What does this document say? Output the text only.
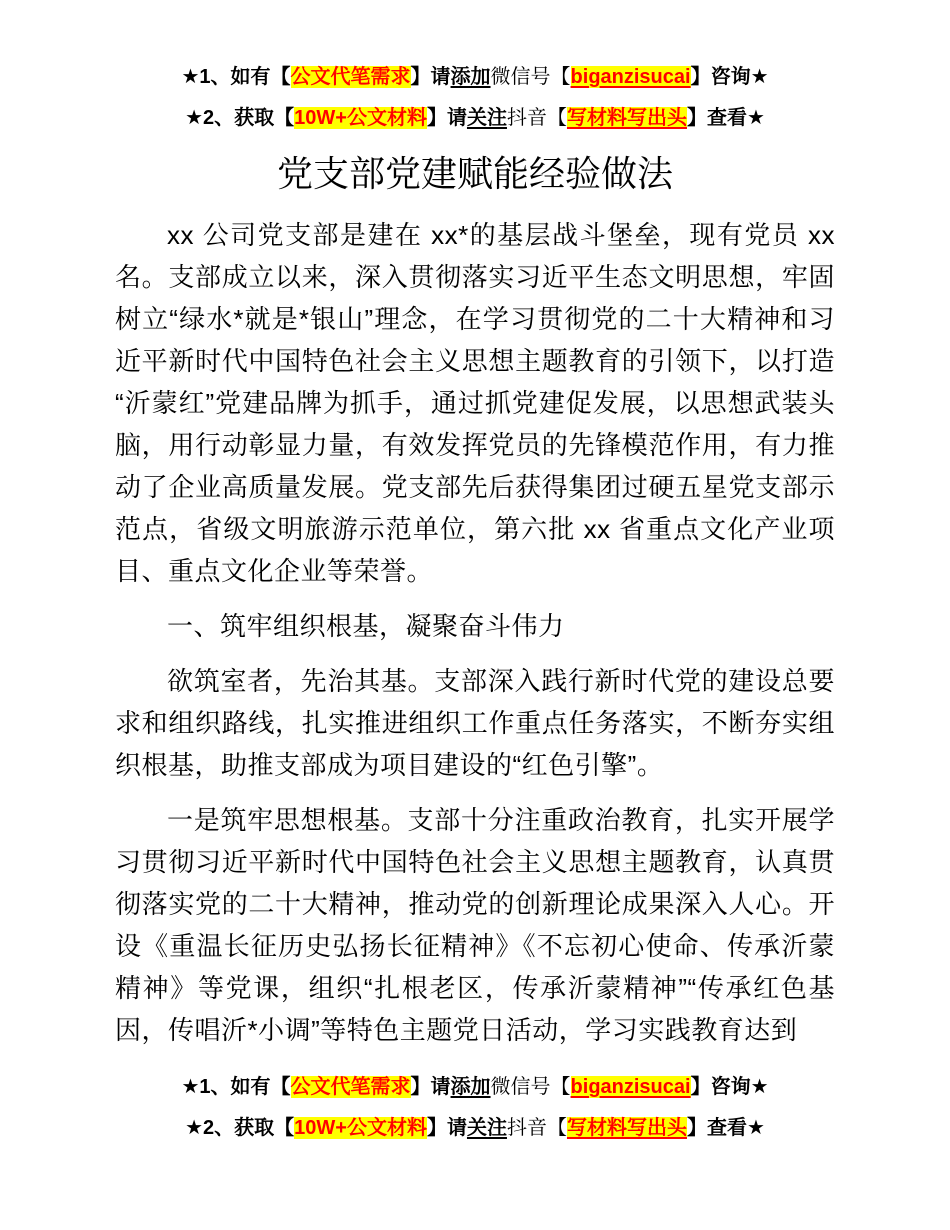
★1、如有【公文代笔需求】请添加微信号【biganzisucai】咨询★

★2、获取【10W+公文材料】请关注抖音【写材料写出头】查看★

党支部党建赋能经验做法

xx 公司党支部是建在 xx*的基层战斗堡垒，现有党员 xx 名。支部成立以来，深入贯彻落实习近平生态文明思想，牢固树立“绿水*就是*银山”理念，在学习贯彻党的二十大精神和习近平新时代中国特色社会主义思想主题教育的引领下，以打造“沂蒙红”党建品牌为抓手，通过抓党建促发展，以思想武装头脑，用行动彰显力量，有效发挥党员的先锋模范作用，有力推动了企业高质量发展。党支部先后获得集团过硬五星党支部示范点，省级文明旅游示范单位，第六批 xx 省重点文化产业项目、重点文化企业等荣誉。

一、筑牢组织根基，凝聚奋斗伟力

欲筑室者，先治其基。支部深入践行新时代党的建设总要求和组织路线，扎实推进组织工作重点任务落实，不断夯实组织根基，助推支部成为项目建设的“红色引擎”。

一是筑牢思想根基。支部十分注重政治教育，扎实开展学习贯彻习近平新时代中国特色社会主义思想主题教育，认真贯彻落实党的二十大精神，推动党的创新理论成果深入人心。开设《重温长征历史弘扬长征精神》《不忘初心使命、传承沂蒙精神》等党课，组织“扎根老区，传承沂蒙精神”“传承红色基因，传唱沂*小调”等特色主题党日活动，学习实践教育达到

★1、如有【公文代笔需求】请添加微信号【biganzisucai】咨询★

★2、获取【10W+公文材料】请关注抖音【写材料写出头】查看★
